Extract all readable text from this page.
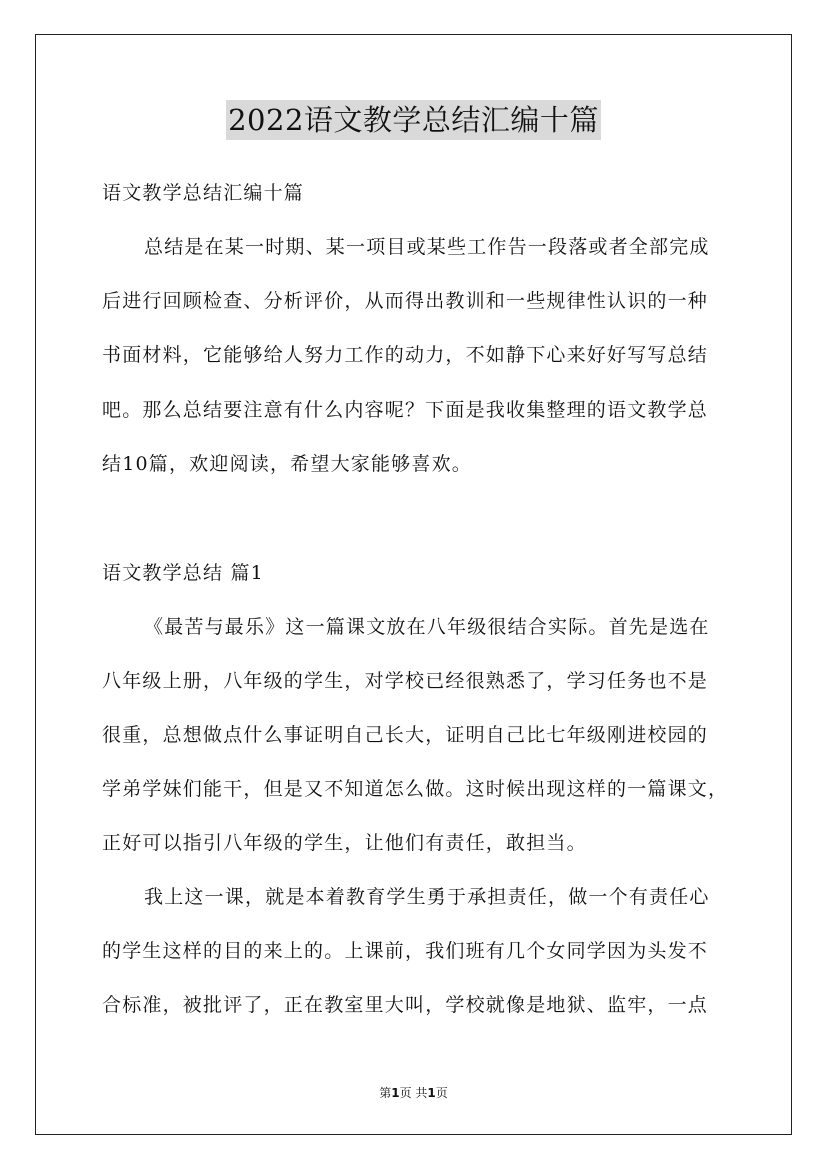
2022语文教学总结汇编十篇
语文教学总结汇编十篇
总结是在某一时期、某一项目或某些工作告一段落或者全部完成
后进行回顾检查、分析评价，从而得出教训和一些规律性认识的一种
书面材料，它能够给人努力工作的动力，不如静下心来好好写写总结
吧。那么总结要注意有什么内容呢？下面是我收集整理的语文教学总
结10篇，欢迎阅读，希望大家能够喜欢。
语文教学总结 篇1
《最苦与最乐》这一篇课文放在八年级很结合实际。首先是选在
八年级上册，八年级的学生，对学校已经很熟悉了，学习任务也不是
很重，总想做点什么事证明自己长大，证明自己比七年级刚进校园的
学弟学妹们能干，但是又不知道怎么做。这时候出现这样的一篇课文，
正好可以指引八年级的学生，让他们有责任，敢担当。
我上这一课，就是本着教育学生勇于承担责任，做一个有责任心
的学生这样的目的来上的。上课前，我们班有几个女同学因为头发不
合标准，被批评了，正在教室里大叫，学校就像是地狱、监牢，一点
第1页 共1页
